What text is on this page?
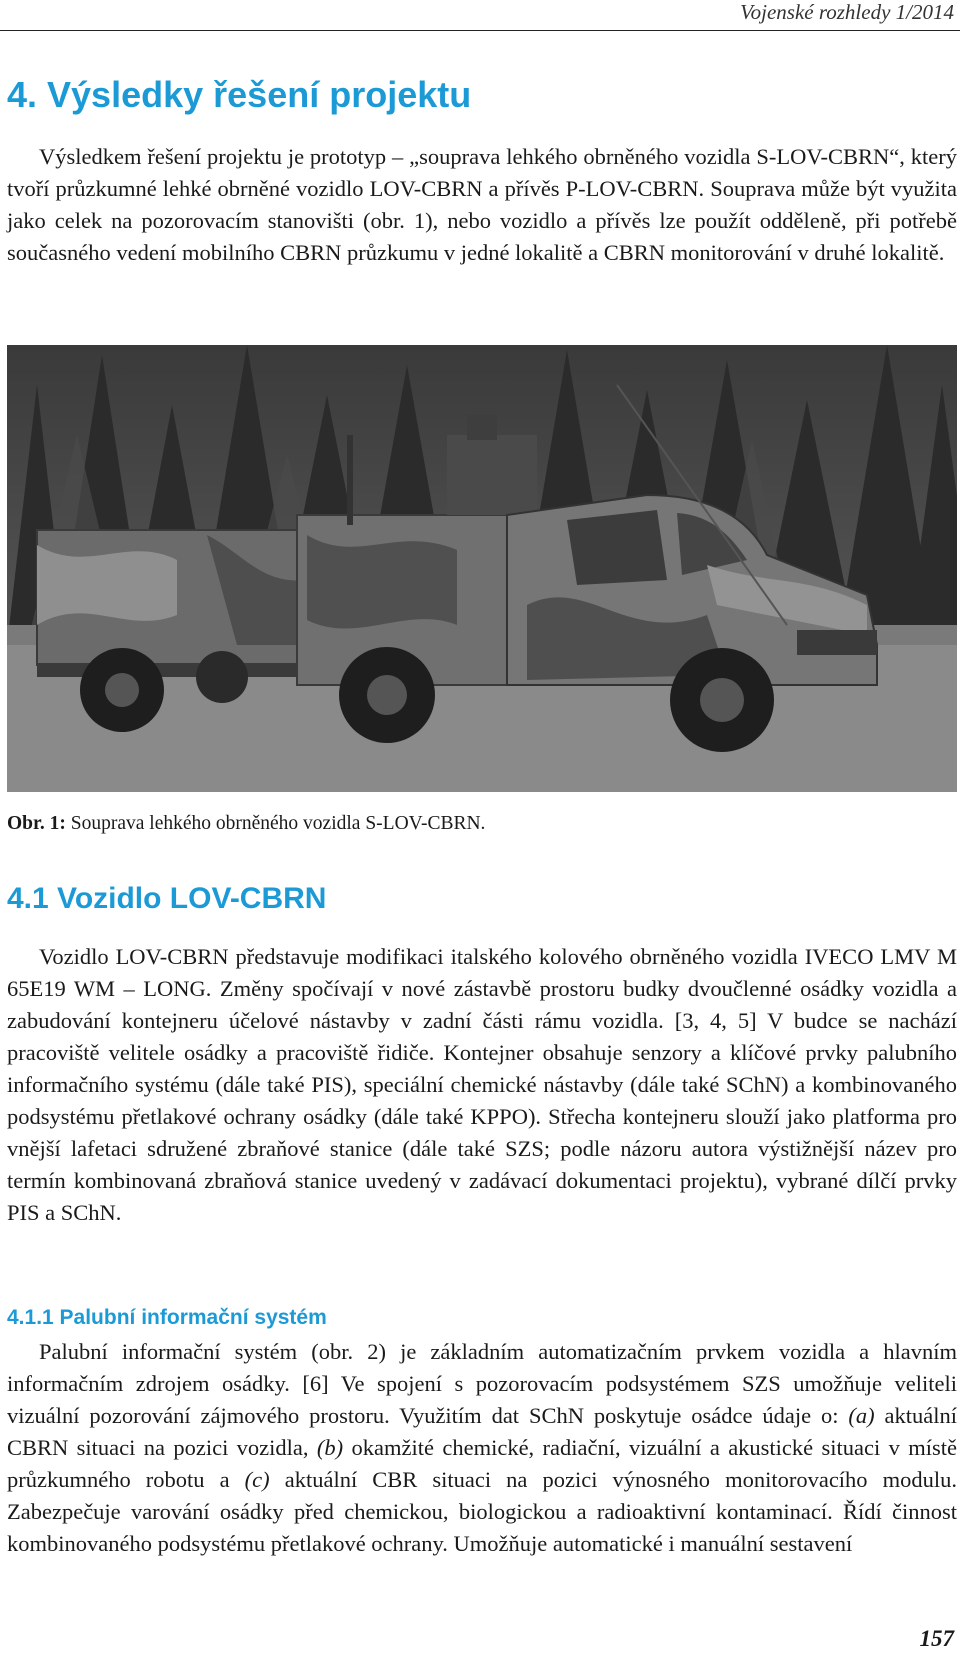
Vojenské rozhledy 1/2014
4. Výsledky řešení projektu

Výsledkem řešení projektu je prototyp – „souprava lehkého obrněného vozidla S-LOV-CBRN“, který tvoří průzkumné lehké obrněné vozidlo LOV-CBRN a přívěs P-LOV-CBRN. Souprava může být využita jako celek na pozorovacím stanovišti (obr. 1), nebo vozidlo a přívěs lze použít odděleně, při potřebě současného vedení mobilního CBRN průzkumu v jedné lokalitě a CBRN monitorování v druhé lokalitě.

Obr. 1: Souprava lehkého obrněného vozidla S-LOV-CBRN.
4.1 Vozidlo LOV-CBRN

Vozidlo LOV-CBRN představuje modifikaci italského kolového obrněného vozidla IVECO LMV M 65E19 WM – LONG. Změny spočívají v nové zástavbě prostoru budky dvoučlenné osádky vozidla a zabudování kontejneru účelové nástavby v zadní části rámu vozidla. [3, 4, 5] V budce se nachází pracoviště velitele osádky a pracoviště řidiče. Kontejner obsahuje senzory a klíčové prvky palubního informačního systému (dále také PIS), speciální chemické nástavby (dále také SChN) a kombinovaného podsystému přetlakové ochrany osádky (dále také KPPO). Střecha kontejneru slouží jako platforma pro vnější lafetaci sdružené zbraňové stanice (dále také SZS; podle názoru autora výstižnější název pro termín kombinovaná zbraňová stanice uvedený v zadávací dokumentaci projektu), vybrané dílčí prvky PIS a SChN.

4.1.1 Palubní informační systém

Palubní informační systém (obr. 2) je základním automatizačním prvkem vozidla a hlavním informačním zdrojem osádky. [6] Ve spojení s pozorovacím podsystémem SZS umožňuje veliteli vizuální pozorování zájmového prostoru. Využitím dat SChN poskytuje osádce údaje o: (a) aktuální CBRN situaci na pozici vozidla, (b) okamžité chemické, radiační, vizuální a akustické situaci v místě průzkumného robotu a (c) aktuální CBR situaci na pozici výnosného monitorovacího modulu. Zabezpečuje varování osádky před chemickou, biologickou a radioaktivní kontaminací. Řídí činnost kombinovaného podsystému přetlakové ochrany. Umožňuje automatické i manuální sestavení

157
